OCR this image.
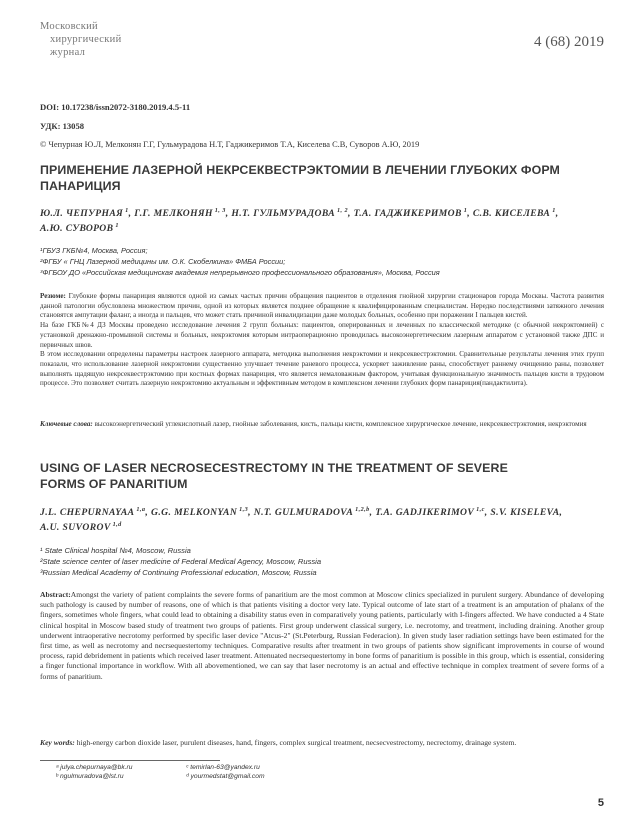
Московский
хирургический
журнал
4 (68) 2019
DOI: 10.17238/issn2072-3180.2019.4.5-11
УДК: 13058
© Чепурная Ю.Л, Мелконян Г.Г, Гульмурадова Н.Т, Гаджикеримов Т.А, Киселева С.В, Суворов А.Ю, 2019
ПРИМЕНЕНИЕ ЛАЗЕРНОЙ НЕКРСЕКВЕСТРЭКТОМИИ В ЛЕЧЕНИИ ГЛУБОКИХ ФОРМ ПАНАРИЦИЯ
Ю.Л. ЧЕПУРНАЯ $^1$, Г.Г. МЕЛКОНЯН $^{1, 3}$, Н.Т. ГУЛЬМУРАДОВА $^{1, 2}$, Т.А. ГАДЖИКЕРИМОВ $^1$, С.В. КИСЕЛЕВА $^1$,
А.Ю. СУВОРОВ $^1$
¹ГБУЗ ГКБ№4, Москва, Россия;
²ФГБУ « ГНЦ Лазерной медицины им. О.К. Скобелкина» ФМБА России;
³ФГБОУ ДО «Российская медицинская академия непрерывного профессионального образования», Москва, Россия
Резюме: Глубокие формы панариция являются одной из самых частых причин обращения пациентов в отделения гнойной хирургии стационаров города Москвы. Частота развития данной патологии обусловлена множеством причин, одной из которых является позднее обращение к квалифицированным специалистам. Нередко последствиями затяжного лечения становятся ампутации фаланг, а иногда и пальцев, что может стать причиной инвалидизации даже молодых больных, особенно при поражении I пальцев кистей.
На базе ГКБ№4 ДЗ Москвы проведено исследование лечения 2 групп больных: пациентов, оперированных и леченных по классической методике (с обычной некрэктомией) с установкой дренажно-промывной системы и больных, некрэктомия которым интраоперационно проводилась высокоэнергетическим лазерным аппаратом с установкой также ДПС и первичных швов.
В этом исследовании определены параметры настроек лазерного аппарата, методика выполнения некрэктомии и некрсеквестрэктомии. Сравнительные результаты лечения этих групп показали, что использование лазерной некрэктомии существенно улучшает течение раневого процесса, ускоряет заживление раны, способствует раннему очищению раны, позволяет выполнять щадящую некрсеквестрэктомию при костных формах панариция, что является немаловажным фактором, учитывая функциональную значимость пальцев кисти в трудовом процессе. Это позволяет считать лазерную некрэктомию актуальным и эффективным методом в комплексном лечении глубоких форм панариция(пандактилита).
Ключевые слова: высокоэнергетический углекислотный лазер, гнойные заболевания, кисть, пальцы кисти, комплексное хирургическое лечение, некрсеквестрэктомия, некрэктомия
USING OF LASER NECROSECESTRECTOMY IN THE TREATMENT OF SEVERE FORMS OF PANARITIUM
J.L. CHEPURNAYAA $^{1,a}$, G.G. MELKONYAN $^{1,3}$, N.T. GULMURADOVA $^{1,2,b}$, T.A. GADJIKERIMOV $^{1,c}$, S.V. KISELEVA,
A.U. SUVOROV $^{1,d}$
¹ State Clinical hospital №4, Moscow, Russia
²State science center of laser medicine of Federal Medical Agency, Moscow, Russia
³Russian Medical Academy of Continuing Professional education, Moscow, Russia
Abstract:Amongst the variety of patient complaints the severe forms of panaritium are the most common at Moscow clinics specialized in purulent surgery. Abundance of developing such pathology is caused by number of reasons, one of which is that patients visiting a doctor very late. Typical outcome of late start of a treatment is an amputation of phalanx of the fingers, sometimes whole fingers, what could lead to obtaining a disability status even in comparatively young patients, particularly with I-fingers affected. We have conducted a 4 State clinical hospital in Moscow based study of treatment two groups of patients. First group underwent classical surgery, i.e. necrotomy, and treatment, including draining. Another group underwent intraoperative necrotomy performed by specific laser device "Atcus-2" (St.Peterburg, Russian Federacion). In given study laser radiation settings have been estimated for the first time, as well as necrotomy and necrsequestertomy techniques. Comparative results after treatment in two groups of patients show significant improvements in course of wound process, rapid debridement in patients which received laser treatment. Attenuated necrsequestertomy in bone forms of panaritium is possible in this group, which is essential, considering a finger functional importance in workflow. With all abovementioned, we can say that laser necrotomy is an actual and effective technique in complex treatment of severe forms of a forms of panaritium.
Key words: high-energy carbon dioxide laser, purulent diseases, hand, fingers, complex surgical treatment, necsecvestrectomy, necrectomy, drainage system.
ᵃ julya.chepurnaya@bk.ru
ᵇ ngulmuradova@lst.ru
ᶜ temirlan-63@yandex.ru
ᵈ yourmedstat@gmail.com
5
